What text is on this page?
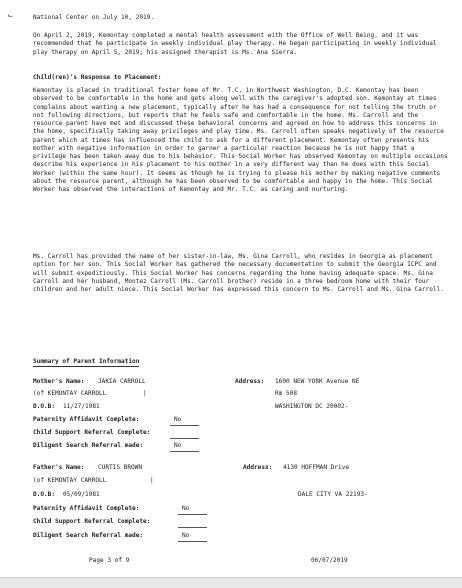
⌙	National Center on July 10, 2019.
On April 2, 2019, Kemontay completed a mental health assessment with the Office of Well Being, and it was recommended that he participate in weekly individual play therapy. He began participating in weekly individual play therapy on April 5, 2019; his assigned therapist is Ms. Ana Sierra.
Child(ren)'s Response to Placement:
Kemontay is placed in traditional foster home of Mr. T.C. in Northwest Washington, D.C. Kemontay has been observed to be comfortable in the home and gets along well with the caregiver's adopted son. Kemontay at times complains about wanting a new placement, typically after he has had a consequence for not telling the truth or not following directions, but reports that he feels safe and comfortable in the home. Ms. Carroll and the resource parent have met and discussed these behavioral concerns and agreed on how to address this concerns in the home, specifically taking away privileges and play time. Ms. Carroll often speaks negatively of the resource parent which at times has influenced the child to ask for a different placement. Kemontay often presents his mother with negative information in order to garner a particular reaction because he is not happy that a privilege has been taken away due to his behavior. This Social Worker has observed Kemontay on multiple occasions describe his experience in his placement to his mother in a very different way than he does with this Social Worker (within the same hour). It seems as though he is trying to please his mother by making negative comments about the resource parent, although he has been observed to be comfortable and happy in the home. This Social Worker has observed the interactions of Kemontay and Mr. T.C. as caring and nurturing.
Ms. Carroll has provided the name of her sister-in-law, Ms. Gina Carroll, who resides in Georgia as placement option for her son. This Social Worker has gathered the necessary documentation to submit the Georgia ICPC and will submit expeditiously. This Social Worker has concerns regarding the home having adequate space. Ms. Gina Carroll and her husband, Montez Carroll (Ms. Carroll brother) reside in a three bedroom home with their four children and her adult niece. This Social Worker has expressed this concern to Ms. Carroll and Ms. Gina Carroll.
Summary of Parent Information
Mother's Name: JAKIA CARROLL	Address: 1600 NEW YORK Avenue NE
(of KEMONTAY CARROLL	|	Rm 508
D.O.B: 11/27/1981	WASHINGTON DC 20002-
Paternity Affidavit Complete:	No
Child Support Referral Complete:
Diligent Search Referral made:	No
Father's Name: CURTIS BROWN	Address: 4130 HOFFMAN Drive
(of KEMONTAY CARROLL	|
D.O.B: 05/09/1981	DALE CITY VA 22193-
Paternity Affidavit Complete:	No
Child Support Referral Complete:
Diligent Search Referral made:	No
Page 3 of 9	06/07/2019
